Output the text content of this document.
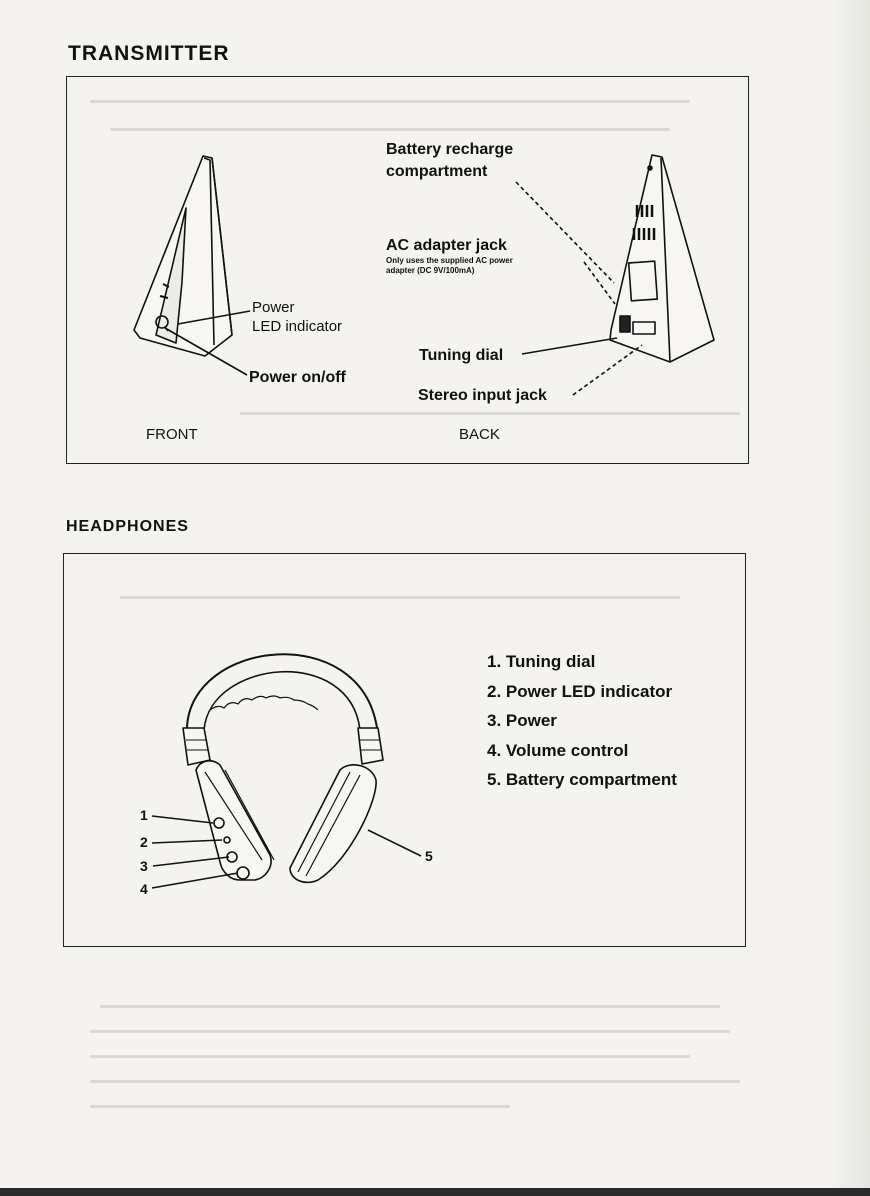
TRANSMITTER
HEADPHONES

Battery recharge

compartment

AC adapter jack

Only uses the supplied AC power

adapter (DC 9V/100mA)

Power

LED indicator

Power on/off

Tuning dial

Stereo input jack

FRONT	BACK

1. Tuning dial
2. Power LED indicator
3. Power
4. Volume control
5. Battery compartment
1
2
3
4
5
